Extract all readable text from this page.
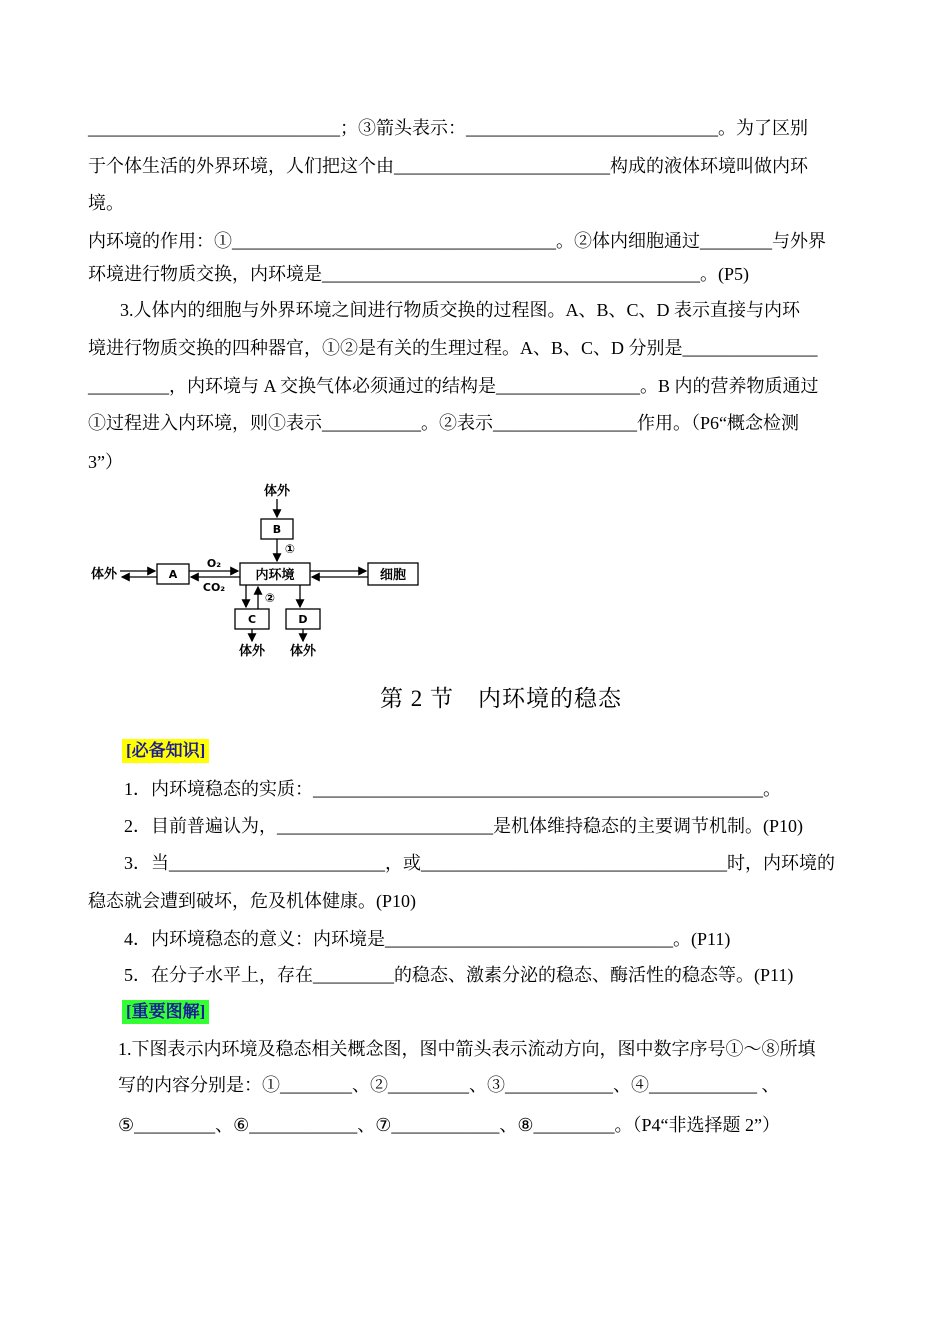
____________________________；③箭头表示：____________________________。为了区别
于个体生活的外界环境，人们把这个由________________________构成的液体环境叫做内环
境。
内环境的作用：①____________________________________。②体内细胞通过________与外界
环境进行物质交换，内环境是__________________________________________。(P5)
3.人体内的细胞与外界环境之间进行物质交换的过程图。A、B、C、D 表示直接与内环
境进行物质交换的四种器官，①②是有关的生理过程。A、B、C、D 分别是_______________
_________，内环境与 A 交换气体必须通过的结构是________________。B 内的营养物质通过
①过程进入内环境，则①表示___________。②表示________________作用。（P6“概念检测
3”）
体外
B
①
体外	A
O₂
CO₂
内环境	细胞
②
C	D
体外 体外
第 2 节　内环境的稳态
[必备知识]
1．内环境稳态的实质：__________________________________________________。
2．目前普遍认为，________________________是机体维持稳态的主要调节机制。(P10)
3．当________________________，或__________________________________时，内环境的
稳态就会遭到破坏，危及机体健康。(P10)
4．内环境稳态的意义：内环境是________________________________。(P11)
5．在分子水平上，存在_________的稳态、激素分泌的稳态、酶活性的稳态等。(P11)
[重要图解]
1.下图表示内环境及稳态相关概念图，图中箭头表示流动方向，图中数字序号①～⑧所填
写的内容分别是：①________、②_________、③____________、④____________ 、
⑤_________、⑥____________、⑦____________、⑧_________。（P4“非选择题 2”）
